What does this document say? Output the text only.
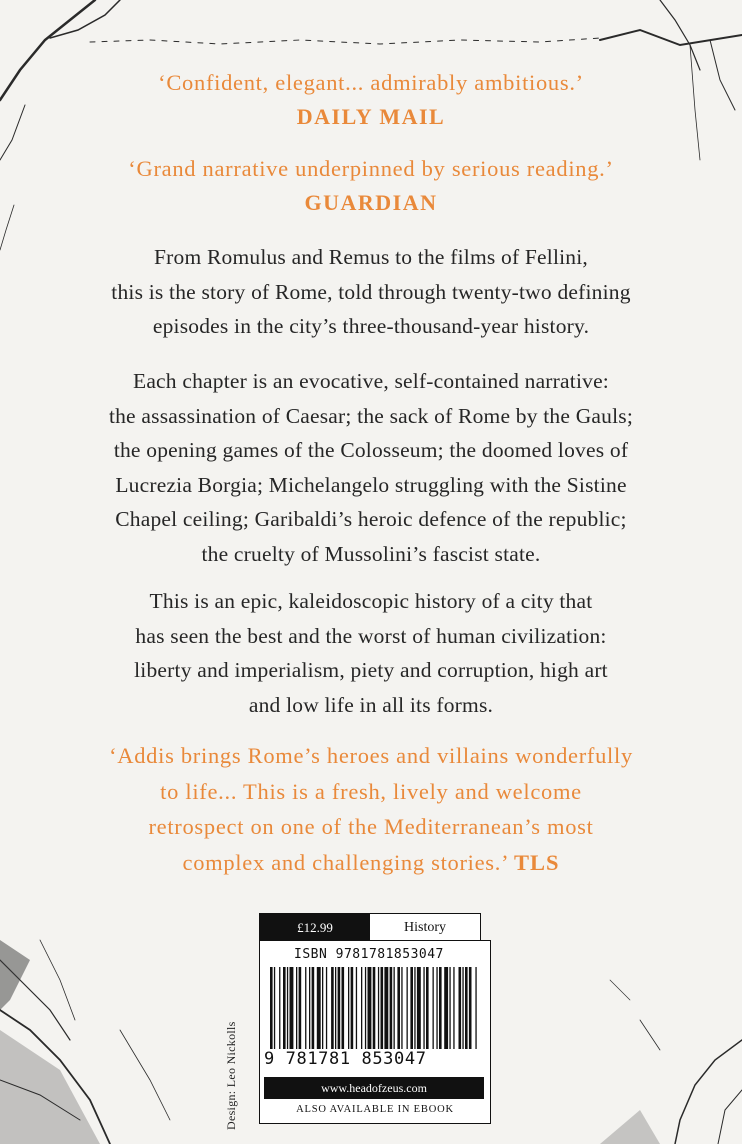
‘Confident, elegant... admirably ambitious.’
DAILY MAIL
‘Grand narrative underpinned by serious reading.’
GUARDIAN
From Romulus and Remus to the films of Fellini,
this is the story of Rome, told through twenty-two defining
episodes in the city’s three-thousand-year history.
Each chapter is an evocative, self-contained narrative:
the assassination of Caesar; the sack of Rome by the Gauls;
the opening games of the Colosseum; the doomed loves of
Lucrezia Borgia; Michelangelo struggling with the Sistine
Chapel ceiling; Garibaldi’s heroic defence of the republic;
the cruelty of Mussolini’s fascist state.
This is an epic, kaleidoscopic history of a city that
has seen the best and the worst of human civilization:
liberty and imperialism, piety and corruption, high art
and low life in all its forms.
‘Addis brings Rome’s heroes and villains wonderfully
to life... This is a fresh, lively and welcome
retrospect on one of the Mediterranean’s most
complex and challenging stories.’ TLS
Design: Leo Nickolls
£12.99	History
ISBN 9781781853047
9 781781 853047
www.headofzeus.com
ALSO AVAILABLE IN EBOOK
